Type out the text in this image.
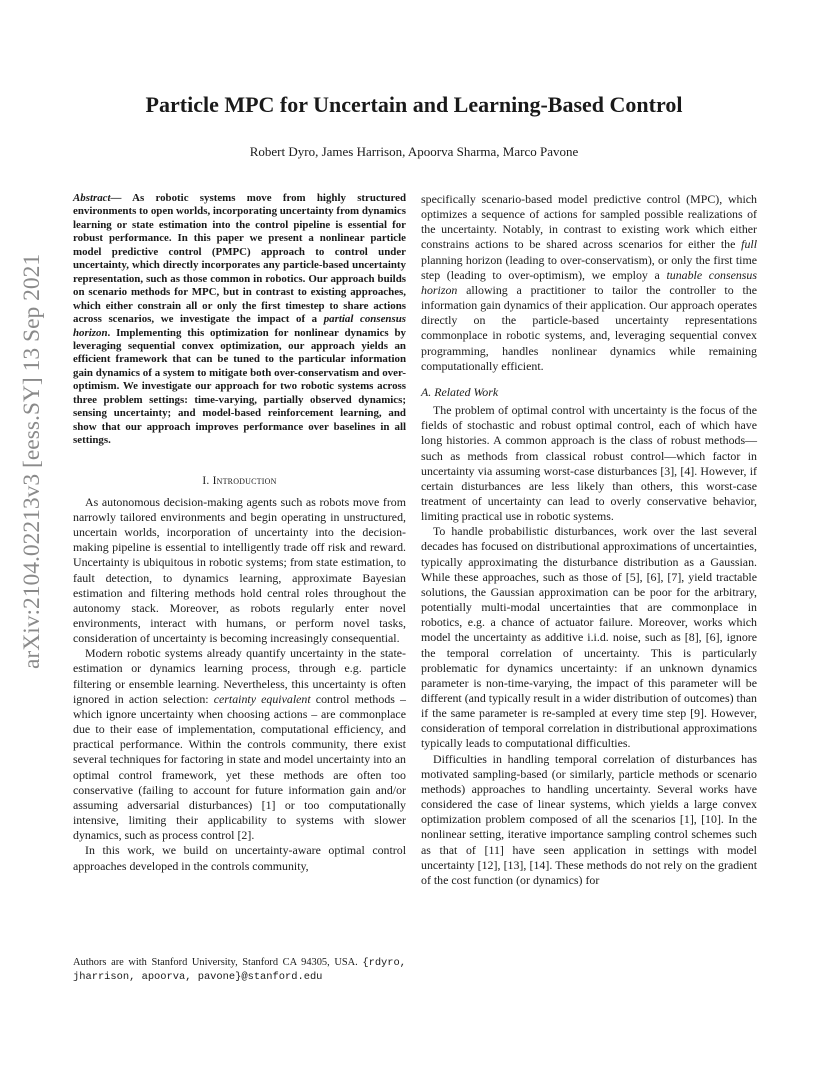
arXiv:2104.02213v3 [eess.SY] 13 Sep 2021
Particle MPC for Uncertain and Learning-Based Control
Robert Dyro, James Harrison, Apoorva Sharma, Marco Pavone
Abstract— As robotic systems move from highly structured environments to open worlds, incorporating uncertainty from dynamics learning or state estimation into the control pipeline is essential for robust performance. In this paper we present a nonlinear particle model predictive control (PMPC) approach to control under uncertainty, which directly incorporates any particle-based uncertainty representation, such as those common in robotics. Our approach builds on scenario methods for MPC, but in contrast to existing approaches, which either constrain all or only the first timestep to share actions across scenarios, we investigate the impact of a partial consensus horizon. Implementing this optimization for nonlinear dynamics by leveraging sequential convex optimization, our approach yields an efficient framework that can be tuned to the particular information gain dynamics of a system to mitigate both over-conservatism and over-optimism. We investigate our approach for two robotic systems across three problem settings: time-varying, partially observed dynamics; sensing uncertainty; and model-based reinforcement learning, and show that our approach improves performance over baselines in all settings.
I. Introduction

As autonomous decision-making agents such as robots move from narrowly tailored environments and begin operating in unstructured, uncertain worlds, incorporation of uncertainty into the decision-making pipeline is essential to intelligently trade off risk and reward. Uncertainty is ubiquitous in robotic systems; from state estimation, to fault detection, to dynamics learning, approximate Bayesian estimation and filtering methods hold central roles throughout the autonomy stack. Moreover, as robots regularly enter novel environments, interact with humans, or perform novel tasks, consideration of uncertainty is becoming increasingly consequential.

Modern robotic systems already quantify uncertainty in the state-estimation or dynamics learning process, through e.g. particle filtering or ensemble learning. Nevertheless, this uncertainty is often ignored in action selection: certainty equivalent control methods – which ignore uncertainty when choosing actions – are commonplace due to their ease of implementation, computational efficiency, and practical performance. Within the controls community, there exist several techniques for factoring in state and model uncertainty into an optimal control framework, yet these methods are often too conservative (failing to account for future information gain and/or assuming adversarial disturbances) [1] or too computationally intensive, limiting their applicability to systems with slower dynamics, such as process control [2].

In this work, we build on uncertainty-aware optimal control approaches developed in the controls community,

Authors are with Stanford University, Stanford CA 94305, USA. {rdyro, jharrison, apoorva, pavone}@stanford.edu

specifically scenario-based model predictive control (MPC), which optimizes a sequence of actions for sampled possible realizations of the uncertainty. Notably, in contrast to existing work which either constrains actions to be shared across scenarios for either the full planning horizon (leading to over-conservatism), or only the first time step (leading to over-optimism), we employ a tunable consensus horizon allowing a practitioner to tailor the controller to the information gain dynamics of their application. Our approach operates directly on the particle-based uncertainty representations commonplace in robotic systems, and, leveraging sequential convex programming, handles nonlinear dynamics while remaining computationally efficient.

A. Related Work

The problem of optimal control with uncertainty is the focus of the fields of stochastic and robust optimal control, each of which have long histories. A common approach is the class of robust methods—such as methods from classical robust control—which factor in uncertainty via assuming worst-case disturbances [3], [4]. However, if certain disturbances are less likely than others, this worst-case treatment of uncertainty can lead to overly conservative behavior, limiting practical use in robotic systems.

To handle probabilistic disturbances, work over the last several decades has focused on distributional approximations of uncertainties, typically approximating the disturbance distribution as a Gaussian. While these approaches, such as those of [5], [6], [7], yield tractable solutions, the Gaussian approximation can be poor for the arbitrary, potentially multi-modal uncertainties that are commonplace in robotics, e.g. a chance of actuator failure. Moreover, works which model the uncertainty as additive i.i.d. noise, such as [8], [6], ignore the temporal correlation of uncertainty. This is particularly problematic for dynamics uncertainty: if an unknown dynamics parameter is non-time-varying, the impact of this parameter will be different (and typically result in a wider distribution of outcomes) than if the same parameter is re-sampled at every time step [9]. However, consideration of temporal correlation in distributional approximations typically leads to computational difficulties.

Difficulties in handling temporal correlation of disturbances has motivated sampling-based (or similarly, particle methods or scenario methods) approaches to handling uncertainty. Several works have considered the case of linear systems, which yields a large convex optimization problem composed of all the scenarios [1], [10]. In the nonlinear setting, iterative importance sampling control schemes such as that of [11] have seen application in settings with model uncertainty [12], [13], [14]. These methods do not rely on the gradient of the cost function (or dynamics) for
